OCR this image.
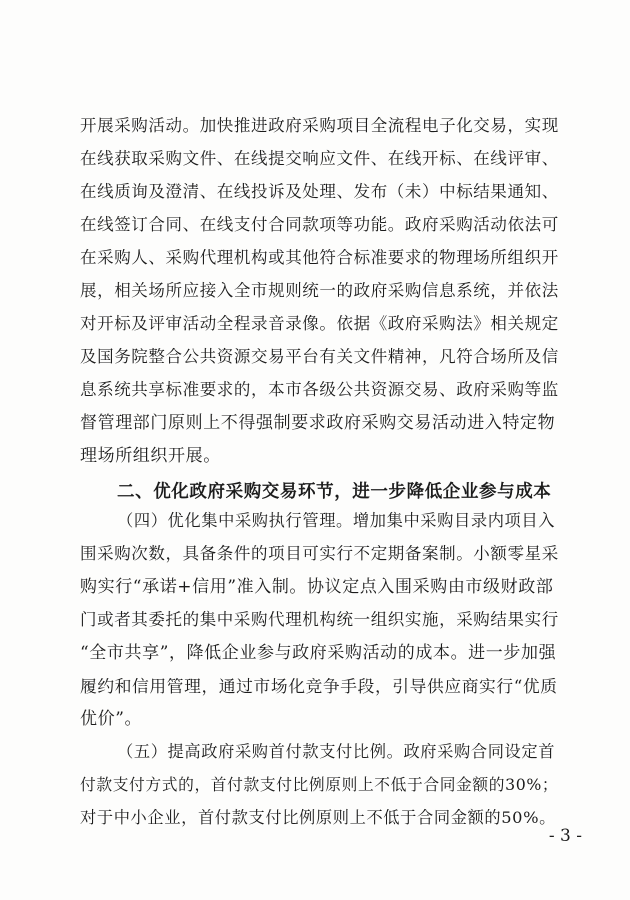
开展采购活动。加快推进政府采购项目全流程电子化交易，实现
在线获取采购文件、在线提交响应文件、在线开标、在线评审、
在线质询及澄清、在线投诉及处理、发布（未）中标结果通知、
在线签订合同、在线支付合同款项等功能。政府采购活动依法可
在采购人、采购代理机构或其他符合标准要求的物理场所组织开
展，相关场所应接入全市规则统一的政府采购信息系统，并依法
对开标及评审活动全程录音录像。依据《政府采购法》相关规定
及国务院整合公共资源交易平台有关文件精神，凡符合场所及信
息系统共享标准要求的，本市各级公共资源交易、政府采购等监
督管理部门原则上不得强制要求政府采购交易活动进入特定物
理场所组织开展。
二、优化政府采购交易环节，进一步降低企业参与成本
（四）优化集中采购执行管理。增加集中采购目录内项目入
围采购次数，具备条件的项目可实行不定期备案制。小额零星采
购实行“承诺+信用”准入制。协议定点入围采购由市级财政部
门或者其委托的集中采购代理机构统一组织实施，采购结果实行
“全市共享”，降低企业参与政府采购活动的成本。进一步加强
履约和信用管理，通过市场化竞争手段，引导供应商实行“优质
优价”。
（五）提高政府采购首付款支付比例。政府采购合同设定首
付款支付方式的，首付款支付比例原则上不低于合同金额的30%；
对于中小企业，首付款支付比例原则上不低于合同金额的50%。
- 3 -
